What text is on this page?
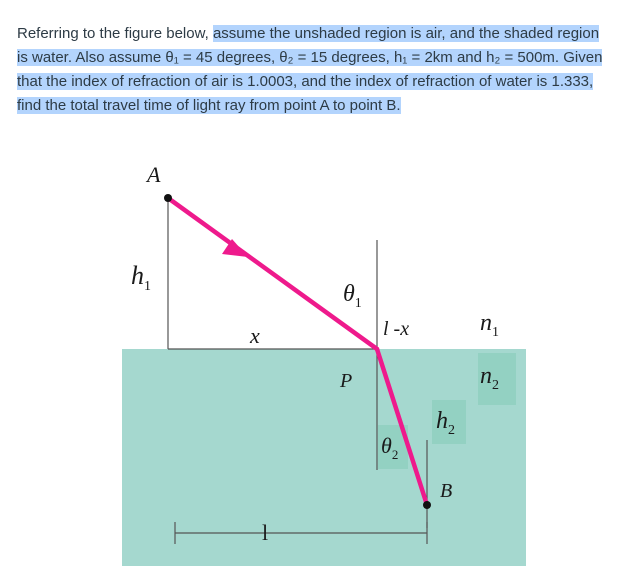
Referring to the figure below, assume the unshaded region is air, and the shaded region is water. Also assume θ₁ = 45 degrees, θ₂ = 15 degrees, h₁ = 2km and h₂ = 500m. Given that the index of refraction of air is 1.0003, and the index of refraction of water is 1.333, find the total travel time of light ray from point A to point B.
A
B
P
$h_1$	$\theta_1$
x	l -x	$n_1$
$n_2$
$h_2$
$\theta_2$
l
